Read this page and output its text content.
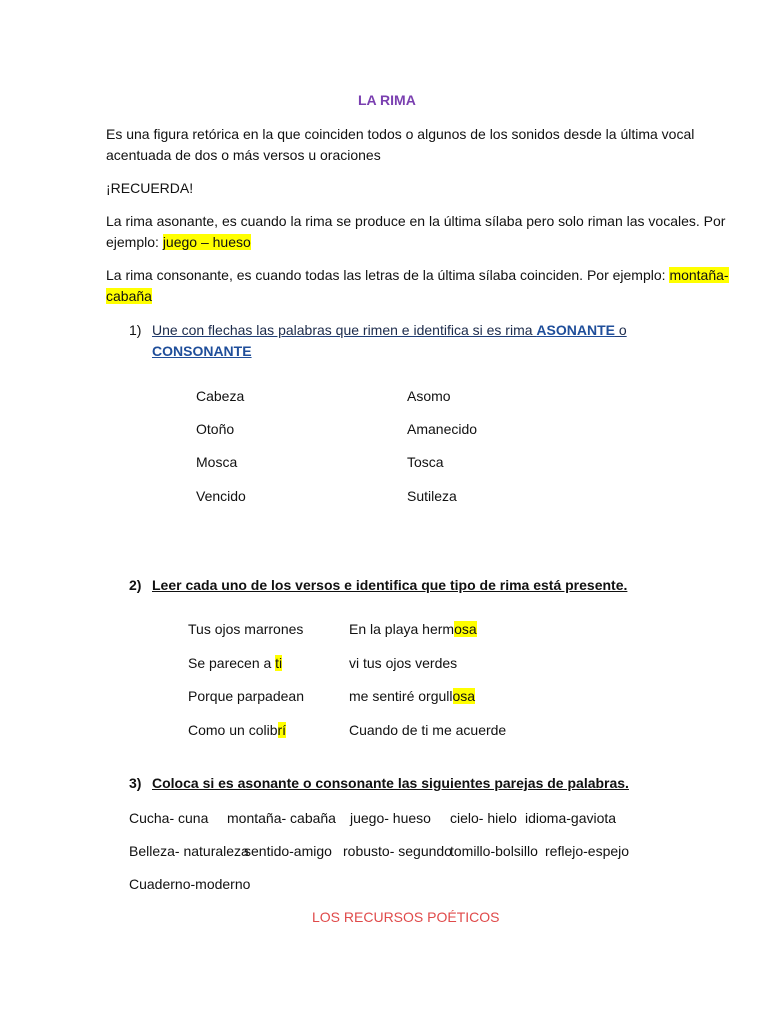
LA RIMA
Es una figura retórica en la que coinciden todos o algunos de los sonidos desde la última vocal
acentuada de dos o más versos u oraciones
¡RECUERDA!
La rima asonante, es cuando la rima se produce en la última sílaba pero solo riman las vocales. Por
ejemplo: juego – hueso
La rima consonante, es cuando todas las letras de la última sílaba coinciden. Por ejemplo: montaña-
cabaña
1) Une con flechas las palabras que rimen e identifica si es rima ASONANTE o
CONSONANTE
Cabeza
Otoño
Mosca
Vencido
Asomo
Amanecido
Tosca
Sutileza
2) Leer cada uno de los versos e identifica que tipo de rima está presente.
Tus ojos marrones
Se parecen a ti
Porque parpadean
Como un colibrí
En la playa hermosa
vi tus ojos verdes
me sentiré orgullosa
Cuando de ti me acuerde
3) Coloca si es asonante o consonante las siguientes parejas de palabras.
Cucha- cuna montaña- cabaña juego- hueso cielo- hielo idioma-gaviota
Belleza- naturaleza
sentido-amigo robusto- segundo
tomillo-bolsillo reflejo-espejo
Cuaderno-moderno
LOS RECURSOS POÉTICOS
